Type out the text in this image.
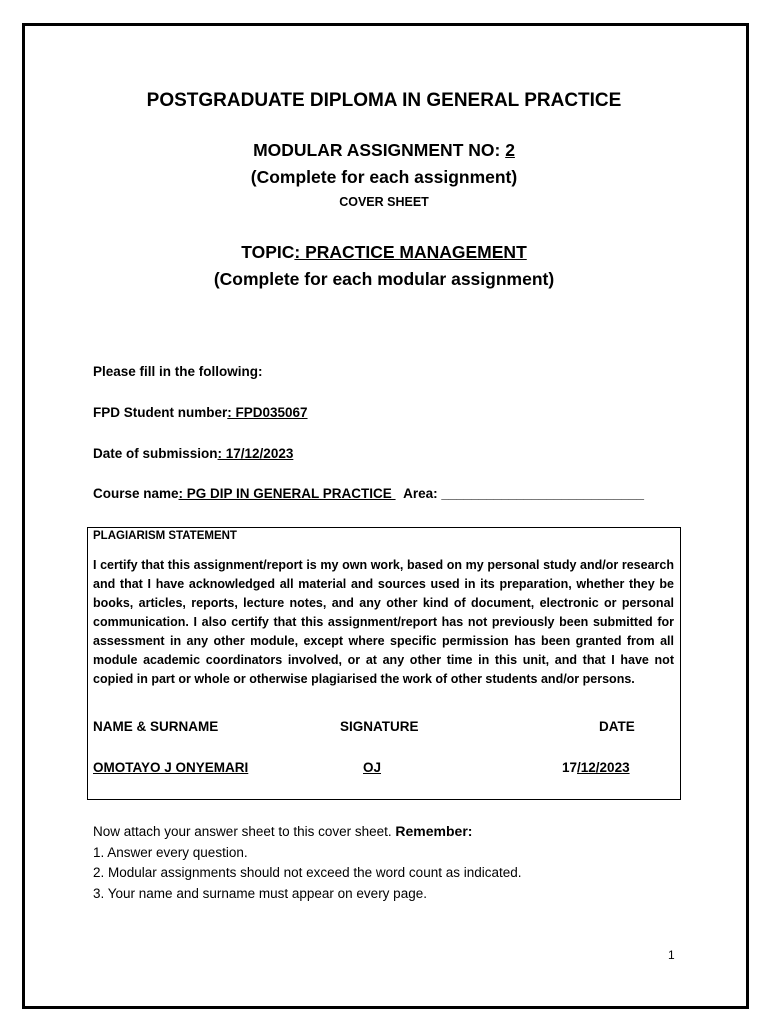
POSTGRADUATE DIPLOMA IN GENERAL PRACTICE
MODULAR ASSIGNMENT NO: 2
(Complete for each assignment)
COVER SHEET
TOPIC: PRACTICE MANAGEMENT
(Complete for each modular assignment)
Please fill in the following:
FPD Student number: FPD035067
Date of submission: 17/12/2023
Course name: PG DIP IN GENERAL PRACTICE   Area: ___________________________
PLAGIARISM STATEMENT
I certify that this assignment/report is my own work, based on my personal study and/or research and that I have acknowledged all material and sources used in its preparation, whether they be books, articles, reports, lecture notes, and any other kind of document, electronic or personal communication. I also certify that this assignment/report has not previously been submitted for assessment in any other module, except where specific permission has been granted from all module academic coordinators involved, or at any other time in this unit, and that I have not copied in part or whole or otherwise plagiarised the work of other students and/or persons.
NAME & SURNAME	SIGNATURE	DATE
OMOTAYO J ONYEMARI	OJ	17/12/2023
Now attach your answer sheet to this cover sheet. Remember:
1. Answer every question.
2. Modular assignments should not exceed the word count as indicated.
3. Your name and surname must appear on every page.
1
